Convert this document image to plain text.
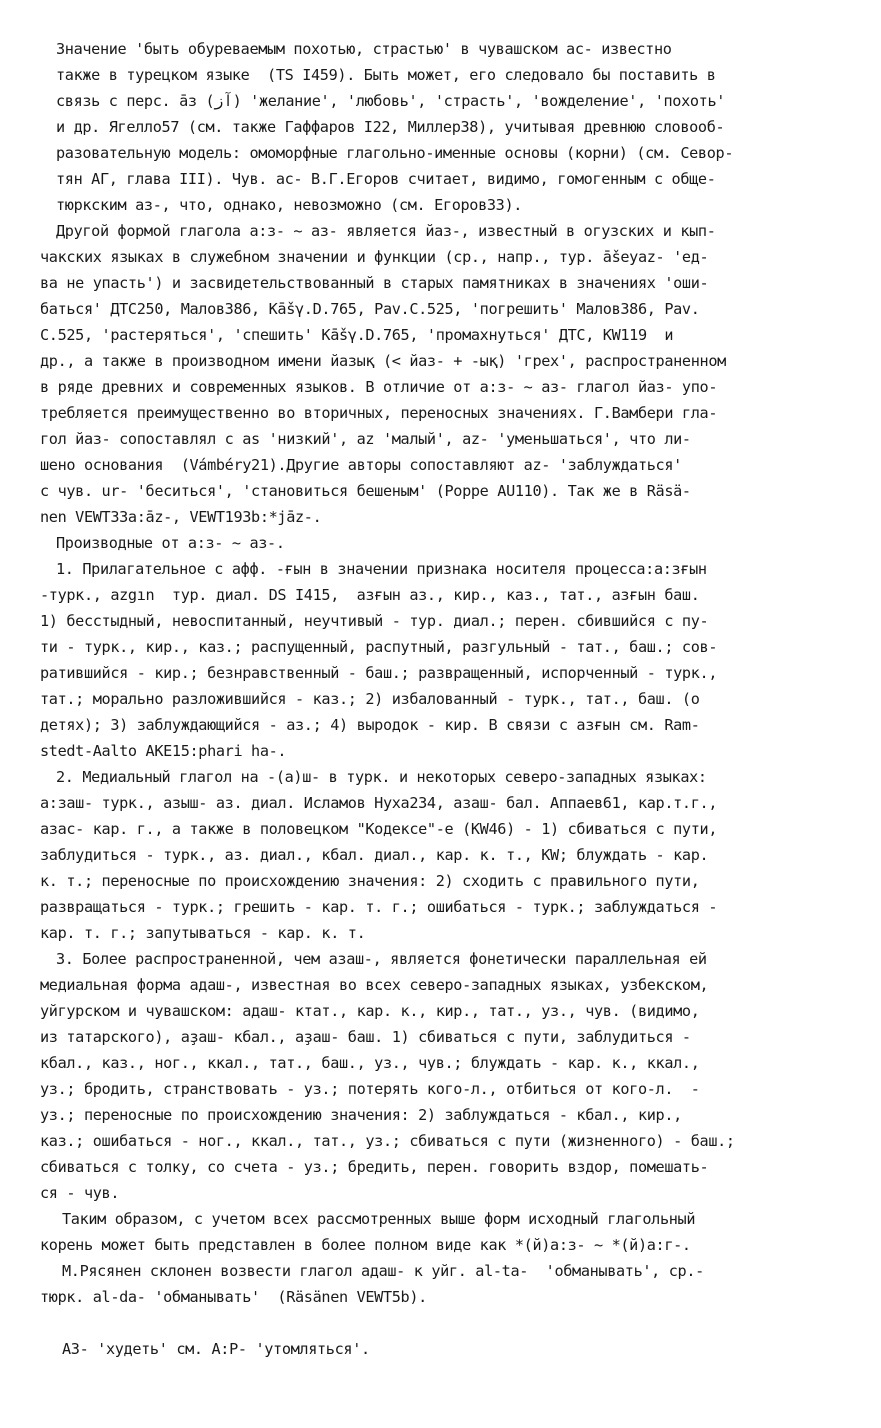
Значение 'быть обуреваемым похотью, страстью' в чувашском ас- известно
также в турецком языке  (TS I459). Быть может, его следовало бы поставить в
связь с перс. āз (آز) 'желание', 'любовь', 'страсть', 'вожделение', 'похоть'
и др. Ягелло57 (см. также Гаффаров I22, Миллер38), учитывая древнюю словооб-
разовательную модель: омоморфные глагольно-именные основы (корни) (см. Севор-
тян АГ, глава III). Чув. ас- В.Г.Егоров считает, видимо, гомогенным с обще-
тюркским аз-, что, однако, невозможно (см. Егоров33).
Другой формой глагола а:з- ~ аз- является йаз-, известный в огузских и кып-
чакских языках в служебном значении и функции (ср., напр., тур. āšeyaz- 'ед-
ва не упасть') и засвидетельствованный в старых памятниках в значениях 'оши-
баться' ДТС250, Малов386, Kāšγ.D.765, Pav.C.525, 'погрешить' Малов386, Pav.
C.525, 'растеряться', 'спешить' Kāšγ.D.765, 'промахнуться' ДТС, KW119  и
др., а также в производном имени йазық (< йаз- + -ық) 'грех', распространенном
в ряде древних и современных языков. В отличие от а:з- ~ аз- глагол йаз- упо-
требляется преимущественно во вторичных, переносных значениях. Г.Вамбери гла-
гол йаз- сопоставлял с as 'низкий', az 'малый', az- 'уменьшаться', что ли-
шено основания  (Vámbéry21).Другие авторы сопоставляют az- 'заблуждаться'
с чув. ur- 'беситься', 'становиться бешеным' (Poppe AU110). Так же в Räsä-
nen VEWT33a:āz-, VEWT193b:*jāz-.
Производные от а:з- ~ аз-.
1. Прилагательное с афф. -ғын в значении признака носителя процесса:а:зғын
-турк., azgın  тур. диал. DS I415,  азғын аз., кир., каз., тат., азғын баш.
1) бесстыдный, невоспитанный, неучтивый - тур. диал.; перен. сбившийся с пу-
ти - турк., кир., каз.; распущенный, распутный, разгульный - тат., баш.; сов-
ратившийся - кир.; безнравственный - баш.; развращенный, испорченный - турк.,
тат.; морально разложившийся - каз.; 2) избалованный - турк., тат., баш. (о
детях); 3) заблуждающийся - аз.; 4) выродок - кир. В связи с азғын см. Ram-
stedt-Aalto AKE15:phari ha-.
2. Медиальный глагол на -(а)ш- в турк. и некоторых северо-западных языках:
а:заш- турк., азыш- аз. диал. Исламов Нуха234, азаш- бал. Аппаев61, кар.т.г.,
азас- кар. г., а также в половецком "Кодексе"-е (KW46) - 1) сбиваться с пути,
заблудиться - турк., аз. диал., кбал. диал., кар. к. т., KW; блуждать - кар.
к. т.; переносные по происхождению значения: 2) сходить с правильного пути,
развращаться - турк.; грешить - кар. т. г.; ошибаться - турк.; заблуждаться -
кар. т. г.; запутываться - кар. к. т.
3. Более распространенной, чем азаш-, является фонетически параллельная ей
медиальная форма адаш-, известная во всех северо-западных языках, узбекском,
уйгурском и чувашском: адаш- ктат., кар. к., кир., тат., уз., чув. (видимо,
из татарского), аҙаш- кбал., аҙаш- баш. 1) сбиваться с пути, заблудиться -
кбал., каз., ног., ккал., тат., баш., уз., чув.; блуждать - кар. к., ккал.,
уз.; бродить, странствовать - уз.; потерять кого-л., отбиться от кого-л.  -
уз.; переносные по происхождению значения: 2) заблуждаться - кбал., кир.,
каз.; ошибаться - ног., ккал., тат., уз.; сбиваться с пути (жизненного) - баш.;
сбиваться с толку, со счета - уз.; бредить, перен. говорить вздор, помешать-
ся - чув.
Таким образом, с учетом всех рассмотренных выше форм исходный глагольный
корень может быть представлен в более полном виде как *(й)а:з- ~ *(й)а:г-.
М.Рясянен склонен возвести глагол адаш- к уйг. al-ta-  'обманывать', ср.-
тюрк. al-da- 'обманывать'  (Räsänen VEWT5b).
АЗ- 'худеть' см. А:Р- 'утомляться'.
